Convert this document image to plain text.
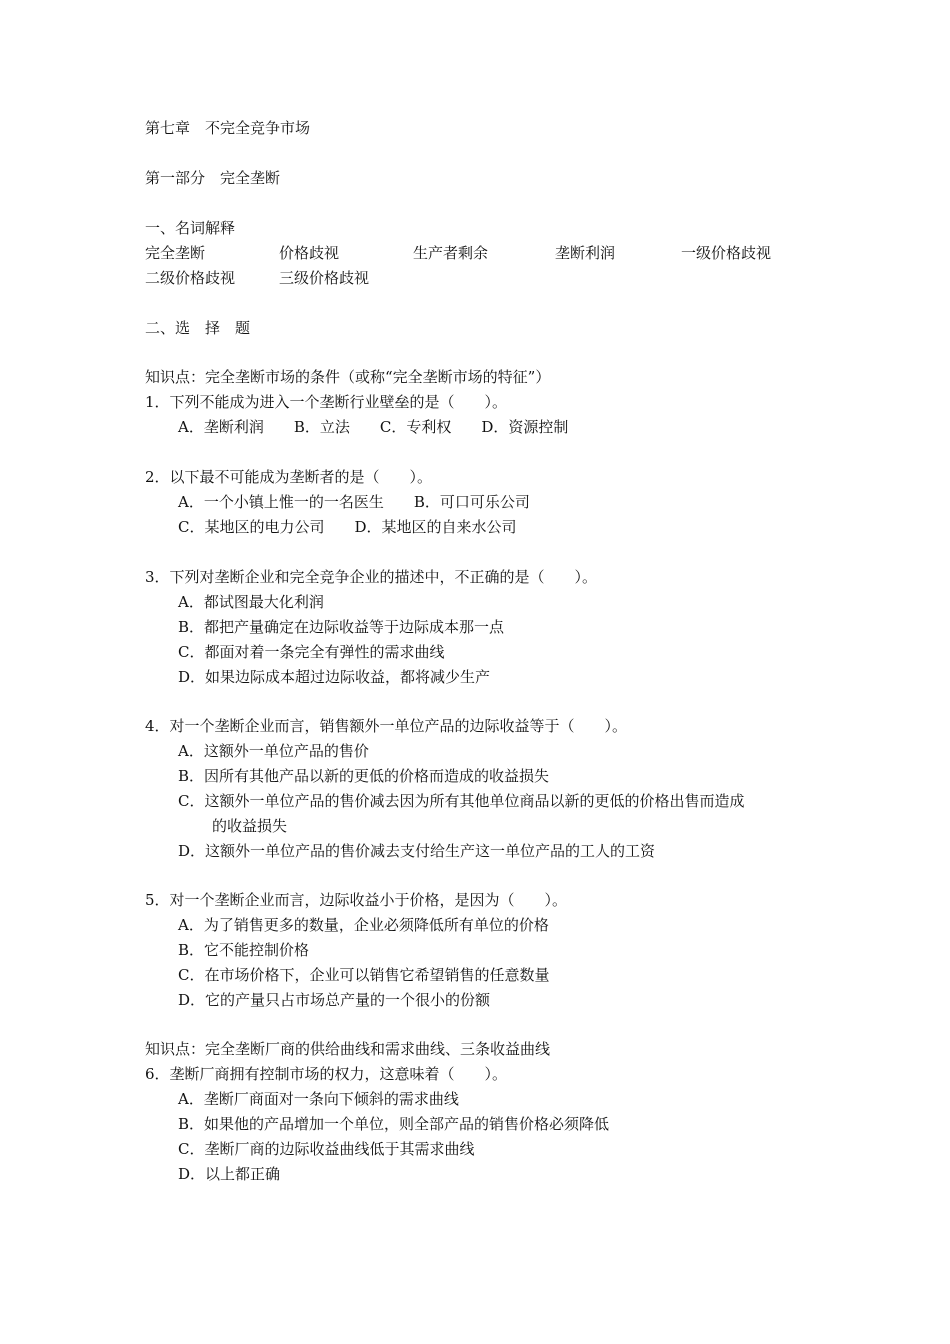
第七章　不完全竞争市场
第一部分　完全垄断
一、名词解释
完全垄断	价格歧视	生产者剩余	垄断利润	一级价格歧视
二级价格歧视	三级价格歧视
二、选　择　题
知识点：完全垄断市场的条件（或称“完全垄断市场的特征”）
1．下列不能成为进入一个垄断行业壁垒的是（　　）。
A．垄断利润　　B．立法　　C．专利权　　D．资源控制
2．以下最不可能成为垄断者的是（　　）。
A．一个小镇上惟一的一名医生　　B．可口可乐公司
C．某地区的电力公司　　D．某地区的自来水公司
3．下列对垄断企业和完全竞争企业的描述中，不正确的是（　　）。
A．都试图最大化利润
B．都把产量确定在边际收益等于边际成本那一点
C．都面对着一条完全有弹性的需求曲线
D．如果边际成本超过边际收益，都将减少生产
4．对一个垄断企业而言，销售额外一单位产品的边际收益等于（　　）。
A．这额外一单位产品的售价
B．因所有其他产品以新的更低的价格而造成的收益损失
C．这额外一单位产品的售价减去因为所有其他单位商品以新的更低的价格出售而造成
的收益损失
D．这额外一单位产品的售价减去支付给生产这一单位产品的工人的工资
5．对一个垄断企业而言，边际收益小于价格，是因为（　　）。
A．为了销售更多的数量，企业必须降低所有单位的价格
B．它不能控制价格
C．在市场价格下，企业可以销售它希望销售的任意数量
D．它的产量只占市场总产量的一个很小的份额
知识点：完全垄断厂商的供给曲线和需求曲线、三条收益曲线
6．垄断厂商拥有控制市场的权力，这意味着（　　）。
A．垄断厂商面对一条向下倾斜的需求曲线
B．如果他的产品增加一个单位，则全部产品的销售价格必须降低
C．垄断厂商的边际收益曲线低于其需求曲线
D．以上都正确
